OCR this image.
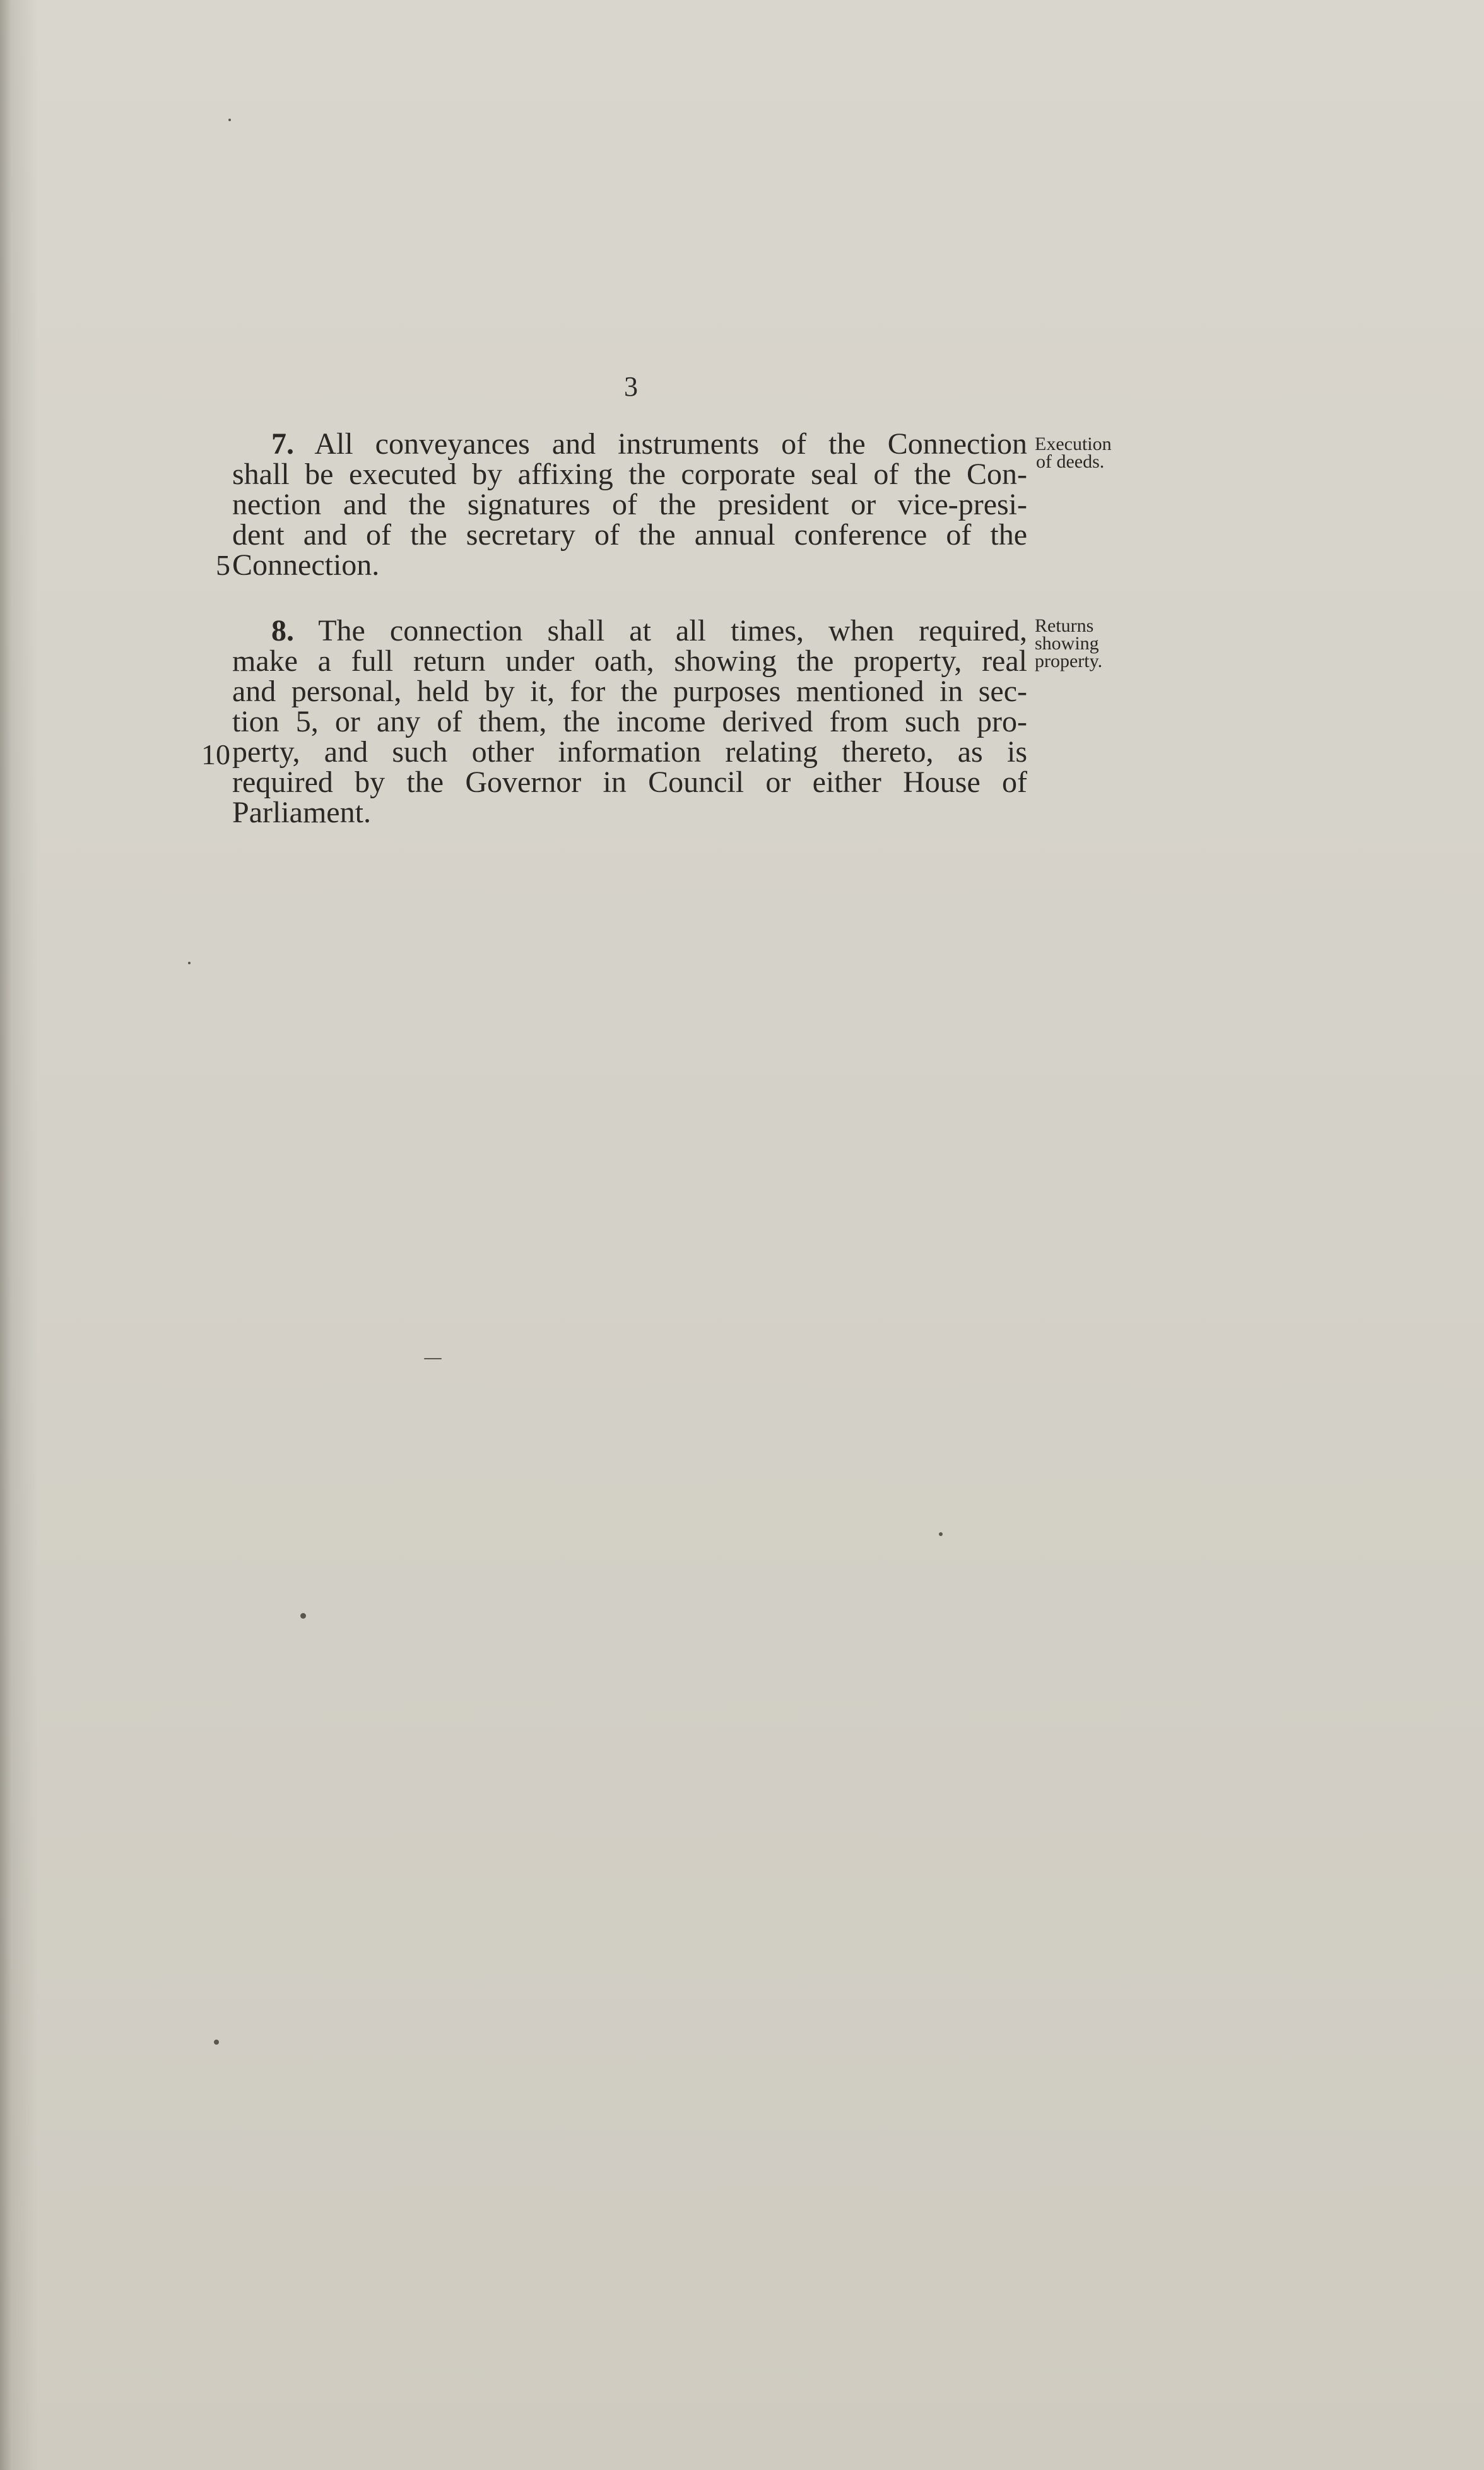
3
7. All conveyances and instruments of the Connection
shall be executed by affixing the corporate seal of the Con-
nection and the signatures of the president or vice-presi-
dent and of the secretary of the annual conference of the
Connection.
5
Execution
of deeds.
8. The connection shall at all times, when required,
make a full return under oath, showing the property, real
and personal, held by it, for the purposes mentioned in sec-
tion 5, or any of them, the income derived from such pro-
perty, and such other information relating thereto, as is
required by the Governor in Council or either House of
Parliament.
10
Returns
showing
property.
